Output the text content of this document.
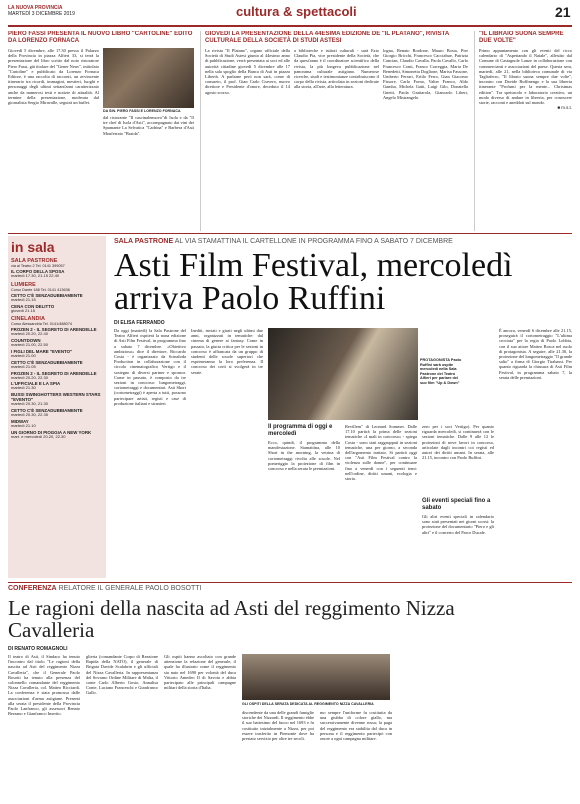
LA NUOVA PROVINCIA
MARTEDÌ 3 DICEMBRE 2019	cultura & spettacoli	21
PIERO FASSI PRESENTA IL NUOVO LIBRO "CARTOLINE" EDITO DA LORENZO FORNACA
Giovedì 5 dicembre, alle 17.30 presso il Palazzo della Provincia in piazza Alfieri 33, si terrà la presentazione del libro scritto dal noto ristoratore Piero Fassi, già titolare del "Gener Neuv", intitolato "Cartoline" e pubblicato da Lorenzo Fornaca Editore, è una raccolta di racconti, un avvincente itinerario tra ricordi, immagini, mestieri, luoghi e personaggi degli ultimi settant'anni caratterizzato anche da numerosi testi e notizie di attualità. Al termine della presentazione, moderata dal giornalista Sergio Miravalle, seguirà un buffet.
DA SIN. PIERO FASSI E LORENZO FORNACA
dal ristorante "Il cascinalenuovo"di Isola e da "Il tre chef di Isola d'Asti", accompagnato dai vini dei Spumante La Selvatica "Cadrina" e Barbera d'Asti Monferrato "Braida".
GIOVEDÌ LA PRESENTAZIONE DELLA 44ESIMA EDIZIONE DE "IL PLATANO", RIVISTA CULTURALE DELLA SOCIETÀ DI STUDI ASTESI
La rivista "Il Platano", organo ufficiale della Società di Studi Astesi giunta al 44esimo anno di pubblicazione, verrà presentata ai soci ed alle autorità cittadine giovedì 5 dicembre alle 17 nella sala spoglio della Banca di Asti in piazza Libertà. A parlarne però non sarà, come di consueto, il prof. Gian Carlo Cravero, nuovo direttore e Presidente d'onore, deceduto il 14 agosto scorso.
a biblioteche e istituti culturali - sarà Ezio Claudio Pia, vice presidente della Società, che da quest'anno è il coordinatore scientifico della rivista, la più longeva pubblicazione nel panorama culturale astigiano. Numerose ricerche, studi e testimonianze contribuiscono il corpo della rivista, articolata in sezioni dedicate alla storia, all'arte, alla letteratura.
logna, Renato Bordone, Mauro Bosia, Pier Giorgio Bricchi, Francesco Cacciabue, Patrizia Cancian, Claudio Cavalla, Paola Cavallo, Carlo Francesco Conti, Franco Correggia, Maria De Benedetti, Simonetta Doglione, Marisa Fassone, Umberto Ferrari, Ertilo Ferro, Gian Giacomo Fissore, Carla Forno, Valter Franco, Aldo Gamba, Michela Gatti, Luigi Gilo, Donatella Gnetti, Paola Grattarola, Giancarlo Libert, Angelo Mistrangelo.
"IL LIBRAIO SUONA SEMPRE DUE VOLTE"
Primo appuntamento con gli eventi del ricco calendario di "Aspettando il Natale", allestito dal Comune di Castagnole Lanze in collaborazione con commercianti e associazioni del paese. Questa sera, martedì, alle 21, nella biblioteca comunale di via Tagliaferro, "Il libraio suona sempre due volte", incontro con Davide Ruffinengo e la sua libreria itinerante "Profumi per la mente... Christmas edition". Tra spettacolo e laboratorio creativo, un modo diverso di andare in libreria, per conoscere storie, racconti e aneddoti sul mondo.
■ m.s.t.
in sala
SALA PASTRONE
via al Teatro 2 Tel. 0141 399057
IL CORPO DELLA SPOSA
martedì 17.30, 21.15 22.40
LUMIERE
Corso Dante 188 Tel. 0141 413636
CETTO C'È SENZADUBBIAMENTE
martedì 21.15
CENA CON DELITTO
giovedì 21.15
CINELANDIA
Corso Alessandria Tel. 0141/488074
FROZEN 2 - IL SEGRETO DI ARENDELLE
martedì 20.20, 22.40
COUNTDOWN
martedì 21.00, 22.50
I FIGLI DEL MARE "EVENTO"
martedì 21.00
CETTO C'È SENZADUBBIAMENTE
martedì 21.05
FROZEN 2 - IL SEGRETO DI ARENDELLE
martedì 20.20, 22.30
L'UFFICIALE E LA SPIA
martedì 21.30
BUSSI SWINGHOTTERS WESTERN STARS "EVENTO"
martedì 20.30, 21.30
CETTO C'È SENZADUBBIAMENTE
martedì 20.30, 22.35
MIDWAY
martedì 21.10
UN GIORNO DI PIOGGIA A NEW YORK
mart. e mercoledì 20.20, 22.30
SALA PASTRONE AL VIA STAMATTINA IL CARTELLONE IN PROGRAMMA FINO A SABATO 7 DICEMBRE
Asti Film Festival, mercoledì arriva Paolo Ruffini
DI ELISA FERRANDO
Da oggi (martedì) la Sala Pastrone del Teatro Alfieri ospiterà la nona edizione di Asti Film Festival, in programma fino a sabato 7 dicembre. «Obiettivo ambizioso» dice il direttore, Riccardo Costa - è organizzato da Scinaloda Production in collaborazione con il circolo cinematografico Vertigo e il sostegno di diversi partner e sponsor. Come in passato, è composto da tre sezioni in concorso: lungometraggi, cortometraggi e documentari. Asti Short (cortometraggi) è aperta a tutti, possono partecipare artisti, registi e case di produzione italiani e stranieri.
Inediti, inviati e girati negli ultimi due anni, organizzati in tematiche: dal cinema di genere ai fantasy. Come in passato, la giuria critica per le sezioni in concorso è affiancata da un gruppo di studenti delle scuole superiori che esprimeranno la loro preferenza. Il concorso dei corti si svolgerà in tre serate.
Il programma di oggi e mercoledì
Ecco, quindi, il programma della manifestazione. Stamattina, alle 10 Short in the morning, la vetrina di cortometraggi rivolta alle scuole. Nel pomeriggio la proiezione di film in concorso e nella serata le premiazioni.
PROTAGONISTA Paolo Ruffini sarà ospite mercoledì nella Sala Pastrone del Teatro Alfieri per parlare del suo film "Up & Down"
Revillem" di Leonard Sommer. Dalle 17.10 partirà la prima delle sezioni tematiche «I mali in concorso» - spiega Costa - sono stati raggruppati in sezioni tematiche, una per giorno, a seconda dell'argomento trattato. Si partirà oggi con "Asti Film Festival contro la violenza sulle donne", per continuare fino a venerdì con i seguenti temi: nell'ordine, diritti umani, ecologia e storia.
zero per i soci Vertigo). Per quanto riguarda mercoledì, si continuerà con le sezioni tematiche. Dalle 9 alle 12 le proiezioni di nove lavori in concorso, articolate dagli incontri coi registi ed autori dei diritti umani. In serata, alle 21.15, incontro con Paolo Ruffini.
Gli eventi speciali fino a sabato
Gli altri eventi speciali in calendario sono stati presentati nei giorni scorsi: la proiezione del documentario "Piero e gli altri" e il concerto del Parco Ducale.
È ancora, venerdì 6 dicembre alle 21.15, proseguirà il cortometraggio "L'ultima crociata" per la regia di Paolo Lobbia, con il suo attore Matteo Bosca nel ruolo di protagonista. A seguire, alle 21.30, la proiezione del lungometraggio "Il grande salto" a firma di Giorgio Tirabassi. Per quanto riguarda la chiusura di Asti Film Festival, in programma sabato 7, la serata delle premiazioni.
CONFERENZA RELATORE IL GENERALE PAOLO BOSOTTI
Le ragioni della nascita ad Asti del reggimento Nizza Cavalleria
DI RENATO ROMAGNOLI
Il teatro di Asti, il Sindaco ha tenuto l'incontro dal titolo "Le ragioni della nascita ad Asti del reggimento Nizza Cavalleria", che il Generale Paolo Bosotti ha tenuto alla presenza del colonnello comandante del reggimento Nizza Cavalleria, col. Matteo Ricciardi. La conferenza è stata promossa dalle associazioni d'arma astigiane. Presenti alla serata il presidente della Provincia Paolo Lanfranco, gli assessori Renato Berzano e Gianfranco Imerito.
glieria (comandante Corpo di Reazione Rapida della NATO), il generale di Brigata Davide Scalabrin e gli ufficiali del Nizza Cavalleria. In rappresentanza del Sovrano Ordine Militare di Malta, il conte Carlo Alberto Gosio, Annalisa Conte, Luciano Franceschi e Gianfranco Gallo.
Gli ospiti hanno ascoltato con grande attenzione la relazione del generale, il quale ha illustrato come il reggimento sia nato nel 1690 per volontà del duca Vittorio Amedeo II di Savoia e abbia partecipato alle principali campagne militari della storia d'Italia.
GLI OSPITI DELLA SERATA DEDICATA AL REGGIMENTO NIZZA CAVALLERIA
discendente da una delle grandi famiglie storiche dei Nizzardi. Il reggimento ebbe il suo battesimo del fuoco nel 1693 e fu costituito inizialmente a Nizza, per poi essere trasferito in Piemonte dove ha prestato servizio per oltre tre secoli.
mo sempre l'uniforme fu costituita da una giubba di colore giallo, ma successivamente divenne rossa; la paga del reggimento era stabilita dal duca in persona e il reggimento partecipò con onore a ogni campagna militare.
